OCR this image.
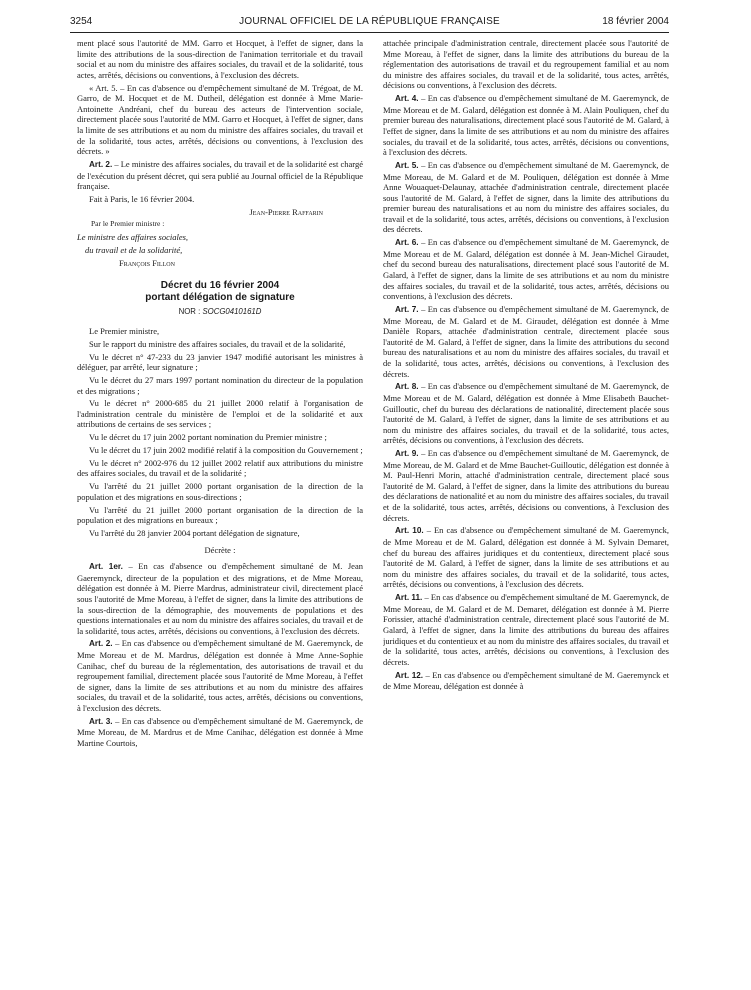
3254	JOURNAL OFFICIEL DE LA RÉPUBLIQUE FRANÇAISE	18 février 2004

ment placé sous l'autorité de MM. Garro et Hocquet, à l'effet de signer, dans la limite des attributions de la sous-direction de l'animation territoriale et du travail social et au nom du ministre des affaires sociales, du travail et de la solidarité, tous actes, arrêtés, décisions ou conventions, à l'exclusion des décrets.

« Art. 5. – En cas d'absence ou d'empêchement simultané de M. Trégoat, de M. Garro, de M. Hocquet et de M. Dutheil, délégation est donnée à Mme Marie-Antoinette Andréani, chef du bureau des acteurs de l'intervention sociale, directement placée sous l'autorité de MM. Garro et Hocquet, à l'effet de signer, dans la limite de ses attributions et au nom du ministre des affaires sociales, du travail et de la solidarité, tous actes, arrêtés, décisions ou conventions, à l'exclusion des décrets. »

Art. 2. – Le ministre des affaires sociales, du travail et de la solidarité est chargé de l'exécution du présent décret, qui sera publié au Journal officiel de la République française.

Fait à Paris, le 16 février 2004.

Jean-Pierre Raffarin

Par le Premier ministre :

Le ministre des affaires sociales,

du travail et de la solidarité,

François Fillon

Décret du 16 février 2004
portant délégation de signature
NOR : SOCG0410161D

Le Premier ministre,

Sur le rapport du ministre des affaires sociales, du travail et de la solidarité,

Vu le décret n° 47-233 du 23 janvier 1947 modifié autorisant les ministres à déléguer, par arrêté, leur signature ;

Vu le décret du 27 mars 1997 portant nomination du directeur de la population et des migrations ;

Vu le décret n° 2000-685 du 21 juillet 2000 relatif à l'organisation de l'administration centrale du ministère de l'emploi et de la solidarité et aux attributions de certains de ses services ;

Vu le décret du 17 juin 2002 portant nomination du Premier ministre ;

Vu le décret du 17 juin 2002 modifié relatif à la composition du Gouvernement ;

Vu le décret n° 2002-976 du 12 juillet 2002 relatif aux attributions du ministre des affaires sociales, du travail et de la solidarité ;

Vu l'arrêté du 21 juillet 2000 portant organisation de la direction de la population et des migrations en sous-directions ;

Vu l'arrêté du 21 juillet 2000 portant organisation de la direction de la population et des migrations en bureaux ;

Vu l'arrêté du 28 janvier 2004 portant délégation de signature,

Décrète :

Art. 1er. – En cas d'absence ou d'empêchement simultané de M. Jean Gaeremynck, directeur de la population et des migrations, et de Mme Moreau, délégation est donnée à M. Pierre Mardrus, administrateur civil, directement placé sous l'autorité de Mme Moreau, à l'effet de signer, dans la limite des attributions de la sous-direction de la démographie, des mouvements de populations et des questions internationales et au nom du ministre des affaires sociales, du travail et de la solidarité, tous actes, arrêtés, décisions ou conventions, à l'exclusion des décrets.

Art. 2. – En cas d'absence ou d'empêchement simultané de M. Gaeremynck, de Mme Moreau et de M. Mardrus, délégation est donnée à Mme Anne-Sophie Canihac, chef du bureau de la réglementation, des autorisations de travail et du regroupement familial, directement placée sous l'autorité de Mme Moreau, à l'effet de signer, dans la limite de ses attributions et au nom du ministre des affaires sociales, du travail et de la solidarité, tous actes, arrêtés, décisions ou conventions, à l'exclusion des décrets.

Art. 3. – En cas d'absence ou d'empêchement simultané de M. Gaeremynck, de Mme Moreau, de M. Mardrus et de Mme Canihac, délégation est donnée à Mme Martine Courtois,

attachée principale d'administration centrale, directement placée sous l'autorité de Mme Moreau, à l'effet de signer, dans la limite des attributions du bureau de la réglementation des autorisations de travail et du regroupement familial et au nom du ministre des affaires sociales, du travail et de la solidarité, tous actes, arrêtés, décisions ou conventions, à l'exclusion des décrets.

Art. 4. – En cas d'absence ou d'empêchement simultané de M. Gaeremynck, de Mme Moreau et de M. Galard, délégation est donnée à M. Alain Pouliquen, chef du premier bureau des naturalisations, directement placé sous l'autorité de M. Galard, à l'effet de signer, dans la limite de ses attributions et au nom du ministre des affaires sociales, du travail et de la solidarité, tous actes, arrêtés, décisions ou conventions, à l'exclusion des décrets.

Art. 5. – En cas d'absence ou d'empêchement simultané de M. Gaeremynck, de Mme Moreau, de M. Galard et de M. Pouliquen, délégation est donnée à Mme Anne Wouaquet-Delaunay, attachée d'administration centrale, directement placée sous l'autorité de M. Galard, à l'effet de signer, dans la limite des attributions du premier bureau des naturalisations et au nom du ministre des affaires sociales, du travail et de la solidarité, tous actes, arrêtés, décisions ou conventions, à l'exclusion des décrets.

Art. 6. – En cas d'absence ou d'empêchement simultané de M. Gaeremynck, de Mme Moreau et de M. Galard, délégation est donnée à M. Jean-Michel Giraudet, chef du second bureau des naturalisations, directement placé sous l'autorité de M. Galard, à l'effet de signer, dans la limite de ses attributions et au nom du ministre des affaires sociales, du travail et de la solidarité, tous actes, arrêtés, décisions ou conventions, à l'exclusion des décrets.

Art. 7. – En cas d'absence ou d'empêchement simultané de M. Gaeremynck, de Mme Moreau, de M. Galard et de M. Giraudet, délégation est donnée à Mme Danièle Ropars, attachée d'administration centrale, directement placée sous l'autorité de M. Galard, à l'effet de signer, dans la limite des attributions du second bureau des naturalisations et au nom du ministre des affaires sociales, du travail et de la solidarité, tous actes, arrêtés, décisions ou conventions, à l'exclusion des décrets.

Art. 8. – En cas d'absence ou d'empêchement simultané de M. Gaeremynck, de Mme Moreau et de M. Galard, délégation est donnée à Mme Elisabeth Bauchet-Guilloutic, chef du bureau des déclarations de nationalité, directement placée sous l'autorité de M. Galard, à l'effet de signer, dans la limite de ses attributions et au nom du ministre des affaires sociales, du travail et de la solidarité, tous actes, arrêtés, décisions ou conventions, à l'exclusion des décrets.

Art. 9. – En cas d'absence ou d'empêchement simultané de M. Gaeremynck, de Mme Moreau, de M. Galard et de Mme Bauchet-Guilloutic, délégation est donnée à M. Paul-Henri Morin, attaché d'administration centrale, directement placé sous l'autorité de M. Galard, à l'effet de signer, dans la limite des attributions du bureau des déclarations de nationalité et au nom du ministre des affaires sociales, du travail et de la solidarité, tous actes, arrêtés, décisions ou conventions, à l'exclusion des décrets.

Art. 10. – En cas d'absence ou d'empêchement simultané de M. Gaeremynck, de Mme Moreau et de M. Galard, délégation est donnée à M. Sylvain Demaret, chef du bureau des affaires juridiques et du contentieux, directement placé sous l'autorité de M. Galard, à l'effet de signer, dans la limite de ses attributions et au nom du ministre des affaires sociales, du travail et de la solidarité, tous actes, arrêtés, décisions ou conventions, à l'exclusion des décrets.

Art. 11. – En cas d'absence ou d'empêchement simultané de M. Gaeremynck, de Mme Moreau, de M. Galard et de M. Demaret, délégation est donnée à M. Pierre Forissier, attaché d'administration centrale, directement placé sous l'autorité de M. Galard, à l'effet de signer, dans la limite des attributions du bureau des affaires juridiques et du contentieux et au nom du ministre des affaires sociales, du travail et de la solidarité, tous actes, arrêtés, décisions ou conventions, à l'exclusion des décrets.

Art. 12. – En cas d'absence ou d'empêchement simultané de M. Gaeremynck et de Mme Moreau, délégation est donnée à
